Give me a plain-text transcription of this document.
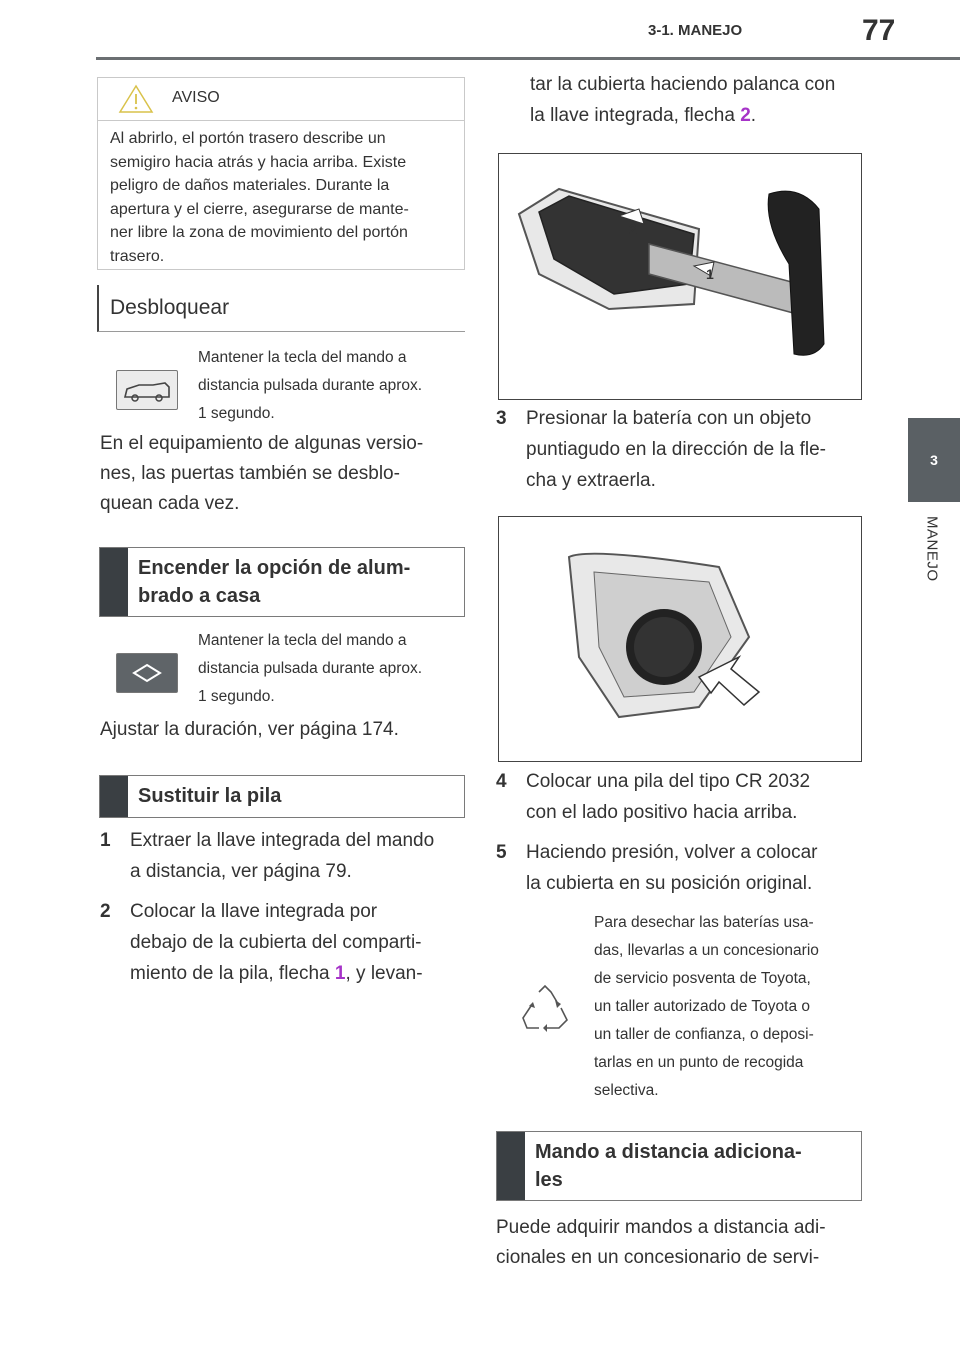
3-1. MANEJO	77
3
MANEJO
AVISO
Al abrirlo, el portón trasero describe un
semigiro hacia atrás y hacia arriba. Existe
peligro de daños materiales. Durante la
apertura y el cierre, asegurarse de mante-
ner libre la zona de movimiento del portón
trasero.
Desbloquear
Mantener la tecla del mando a
distancia pulsada durante aprox.
1 segundo.
En el equipamiento de algunas versio-
nes, las puertas también se desblo-
quean cada vez.
Encender la opción de alum-
brado a casa
Mantener la tecla del mando a
distancia pulsada durante aprox.
1 segundo.
Ajustar la duración, ver página 174.
Sustituir la pila
1 Extraer la llave integrada del mando
a distancia, ver página 79.
2 Colocar la llave integrada por
debajo de la cubierta del comparti-
miento de la pila, flecha 1, y levan-
tar la cubierta haciendo palanca con
la llave integrada, flecha 2.
2
1
3 Presionar la batería con un objeto
puntiagudo en la dirección de la fle-
cha y extraerla.
4 Colocar una pila del tipo CR 2032
con el lado positivo hacia arriba.
5 Haciendo presión, volver a colocar
la cubierta en su posición original.
Para desechar las baterías usa-
das, llevarlas a un concesionario
de servicio posventa de Toyota,
un taller autorizado de Toyota o
un taller de confianza, o deposi-
tarlas en un punto de recogida
selectiva.
Mando a distancia adiciona-
les
Puede adquirir mandos a distancia adi-
cionales en un concesionario de servi-
